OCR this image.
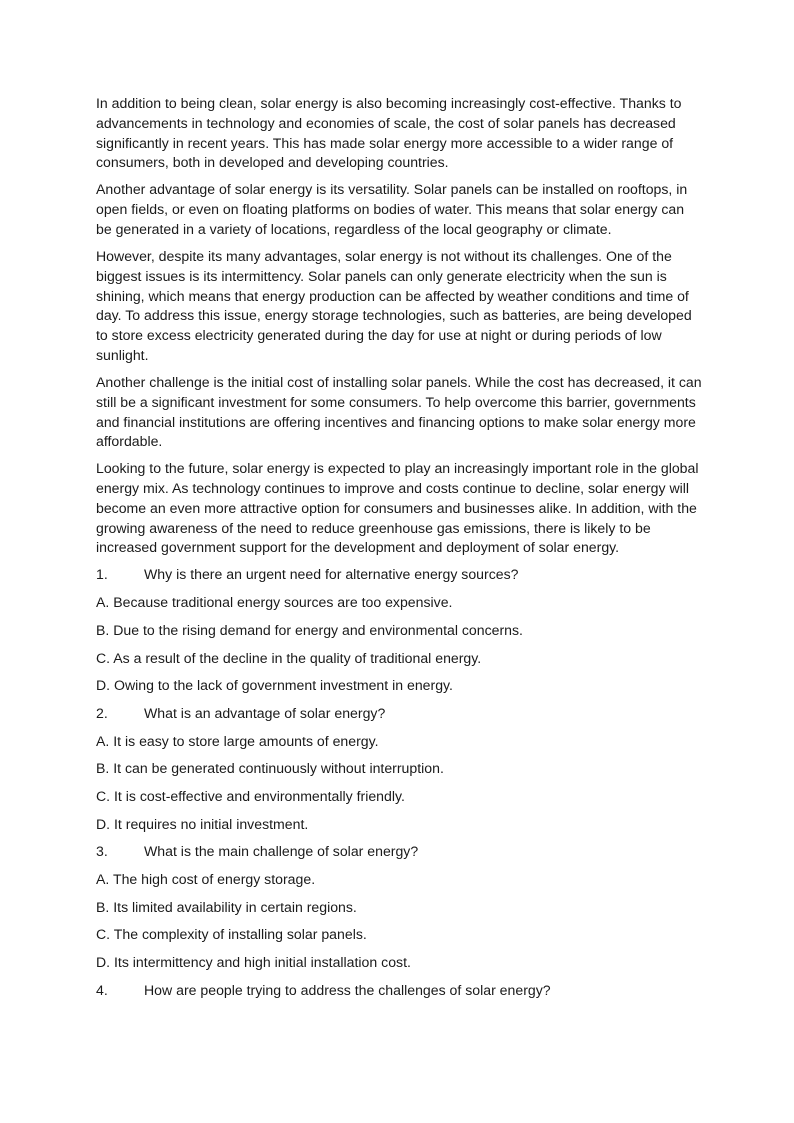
In addition to being clean, solar energy is also becoming increasingly cost-effective. Thanks to advancements in technology and economies of scale, the cost of solar panels has decreased significantly in recent years. This has made solar energy more accessible to a wider range of consumers, both in developed and developing countries.

Another advantage of solar energy is its versatility. Solar panels can be installed on rooftops, in open fields, or even on floating platforms on bodies of water. This means that solar energy can be generated in a variety of locations, regardless of the local geography or climate.

However, despite its many advantages, solar energy is not without its challenges. One of the biggest issues is its intermittency. Solar panels can only generate electricity when the sun is shining, which means that energy production can be affected by weather conditions and time of day. To address this issue, energy storage technologies, such as batteries, are being developed to store excess electricity generated during the day for use at night or during periods of low sunlight.

Another challenge is the initial cost of installing solar panels. While the cost has decreased, it can still be a significant investment for some consumers. To help overcome this barrier, governments and financial institutions are offering incentives and financing options to make solar energy more affordable.

Looking to the future, solar energy is expected to play an increasingly important role in the global energy mix. As technology continues to improve and costs continue to decline, solar energy will become an even more attractive option for consumers and businesses alike. In addition, with the growing awareness of the need to reduce greenhouse gas emissions, there is likely to be increased government support for the development and deployment of solar energy.

1.	Why is there an urgent need for alternative energy sources?
A. Because traditional energy sources are too expensive.
B. Due to the rising demand for energy and environmental concerns.
C. As a result of the decline in the quality of traditional energy.
D. Owing to the lack of government investment in energy.
2.	What is an advantage of solar energy?
A. It is easy to store large amounts of energy.
B. It can be generated continuously without interruption.
C. It is cost-effective and environmentally friendly.
D. It requires no initial investment.
3.	What is the main challenge of solar energy?
A. The high cost of energy storage.
B. Its limited availability in certain regions.
C. The complexity of installing solar panels.
D. Its intermittency and high initial installation cost.
4.	How are people trying to address the challenges of solar energy?
